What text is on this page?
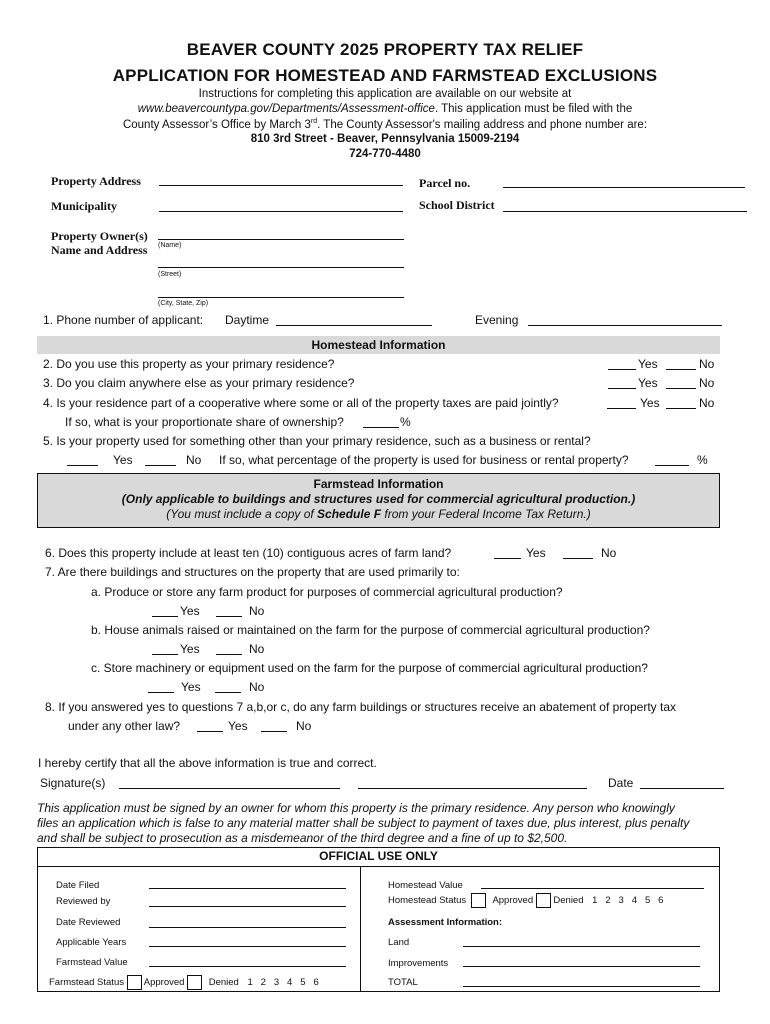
BEAVER COUNTY 2025 PROPERTY TAX RELIEF
APPLICATION FOR HOMESTEAD AND FARMSTEAD EXCLUSIONS
Instructions for completing this application are available on our website at
www.beavercountypa.gov/Departments/Assessment-office. This application must be filed with the
County Assessor’s Office by March 3rd. The County Assessor's mailing address and phone number are:
810 3rd Street - Beaver, Pennsylvania 15009-2194
724-770-4480
Property Address	Parcel no.
Municipality	School District
Property Owner(s)
Name and Address (Name)
(Street)
(City, State, Zip)
1. Phone number of applicant: Daytime	Evening
Homestead Information
2. Do you use this property as your primary residence?	Yes	No
3. Do you claim anywhere else as your primary residence?	Yes	No
4. Is your residence part of a cooperative where some or all of the property taxes are paid jointly?	Yes	No
If so, what is your proportionate share of ownership?	%
5. Is your property used for something other than your primary residence, such as a business or rental?
Yes	No If so, what percentage of the property is used for business or rental property?	%
Farmstead Information
(Only applicable to buildings and structures used for commercial agricultural production.)
(You must include a copy of Schedule F from your Federal Income Tax Return.)
6. Does this property include at least ten (10) contiguous acres of farm land?	Yes	No
7. Are there buildings and structures on the property that are used primarily to:
a. Produce or store any farm product for purposes of commercial agricultural production?
Yes	No
b. House animals raised or maintained on the farm for the purpose of commercial agricultural production?
Yes	No
c. Store machinery or equipment used on the farm for the purpose of commercial agricultural production?
Yes	No
8. If you answered yes to questions 7 a,b,or c, do any farm buildings or structures receive an abatement of property tax
under any other law?	Yes	No
I hereby certify that all the above information is true and correct.
Signature(s)	Date
This application must be signed by an owner for whom this property is the primary residence. Any person who knowingly
files an application which is false to any material matter shall be subject to payment of taxes due, plus interest, plus penalty
and shall be subject to prosecution as a misdemeanor of the third degree and a fine of up to $2,500.
OFFICIAL USE ONLY
Date Filed
Reviewed by
Date Reviewed
Applicable Years
Farmstead Value
Farmstead Status Approved	Denied 1   2   3   4   5   6
Homestead Value
Homestead Status	Approved Denied 1   2   3   4   5   6
Assessment Information:
Land
Improvements
TOTAL
